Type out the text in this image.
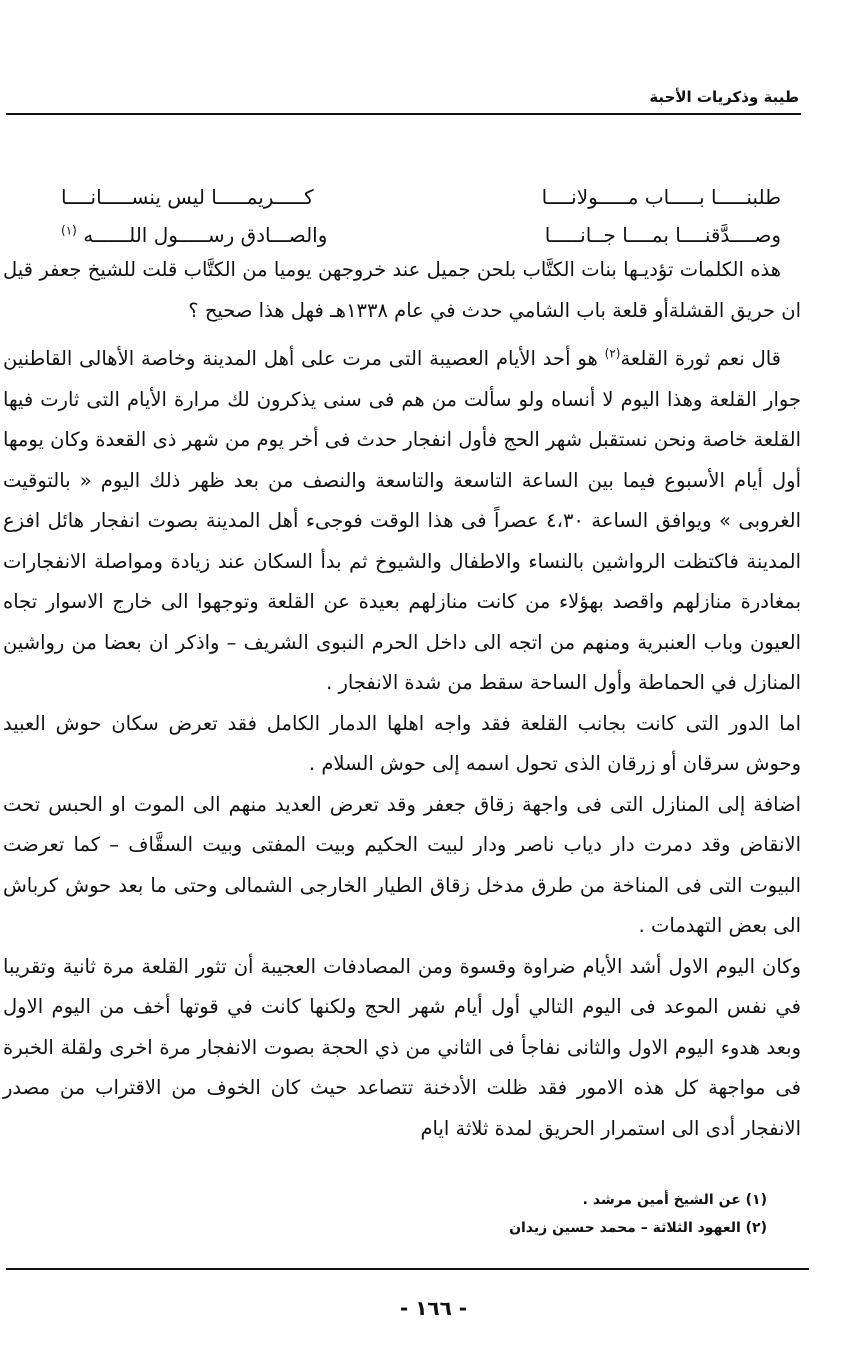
طيبة وذكريات الأحبة
طلبنـــــا بـــــاب مـــــولانــــا
كـــــريمـــــا ليس ينســـــانــــا
وصــــدَّقنــــا بمــــا جــانـــــا
والصـــادق رســـــول اللــــــه $^{(١)}$

هذه الكلمات تؤديـها بنات الكتَّاب بلحن جميل عند خروجهن يوميا من الكتَّاب قلت للشيخ جعفر قيل ان حريق القشلةأو قلعة باب الشامي حدث في عام ١٣٣٨هـ فهل هذا صحيح ؟

قال نعم ثورة القلعة$^{(٢)}$ هو أحد الأيام العصيبة التى مرت على أهل المدينة وخاصة الأهالى القاطنين جوار القلعة وهذا اليوم لا أنساه ولو سألت من هم فى سنى يذكرون لك مرارة الأيام التى ثارت فيها القلعة خاصة ونحن نستقبل شهر الحج فأول انفجار حدث فى أخر يوم من شهر ذى القعدة وكان يومها أول أيام الأسبوع فيما بين الساعة التاسعة والتاسعة والنصف من بعد ظهر ذلك اليوم « بالتوقيت الغروبى » ويوافق الساعة ٤،٣٠ عصراً فى هذا الوقت فوجىء أهل المدينة بصوت انفجار هائل افزع المدينة فاكتظت الرواشين بالنساء والاطفال والشيوخ ثم بدأ السكان عند زيادة ومواصلة الانفجارات بمغادرة منازلهم واقصد بهؤلاء من كانت منازلهم بعيدة عن القلعة وتوجهوا الى خارج الاسوار تجاه العيون وباب العنبرية ومنهم من اتجه الى داخل الحرم النبوى الشريف – واذكر ان بعضا من رواشين المنازل في الحماطة وأول الساحة سقط من شدة الانفجار .

اما الدور التى كانت بجانب القلعة فقد واجه اهلها الدمار الكامل فقد تعرض سكان حوش العبيد وحوش سرقان أو زرقان الذى تحول اسمه إلى حوش السلام .

اضافة إلى المنازل التى فى واجهة زقاق جعفر وقد تعرض العديد منهم الى الموت او الحبس تحت الانقاض وقد دمرت دار دياب ناصر ودار لبيت الحكيم وبيت المفتى وبيت السقَّاف – كما تعرضت البيوت التى فى المناخة من طرق مدخل زقاق الطيار الخارجى الشمالى وحتى ما بعد حوش كرباش الى بعض التهدمات .

وكان اليوم الاول أشد الأيام ضراوة وقسوة ومن المصادفات العجيبة أن تثور القلعة مرة ثانية وتقريبا في نفس الموعد فى اليوم التالي أول أيام شهر الحج ولكنها كانت في قوتها أخف من اليوم الاول وبعد هدوء اليوم الاول والثانى نفاجأ فى الثاني من ذي الحجة بصوت الانفجار مرة اخرى ولقلة الخبرة فى مواجهة كل هذه الامور فقد ظلت الأدخنة تتصاعد حيث كان الخوف من الاقتراب من مصدر الانفجار أدى الى استمرار الحريق لمدة ثلاثة ايام

(١) عن الشيخ أمين مرشد .
(٢) العهود الثلاثة – محمد حسين زيدان
- ١٦٦ -
